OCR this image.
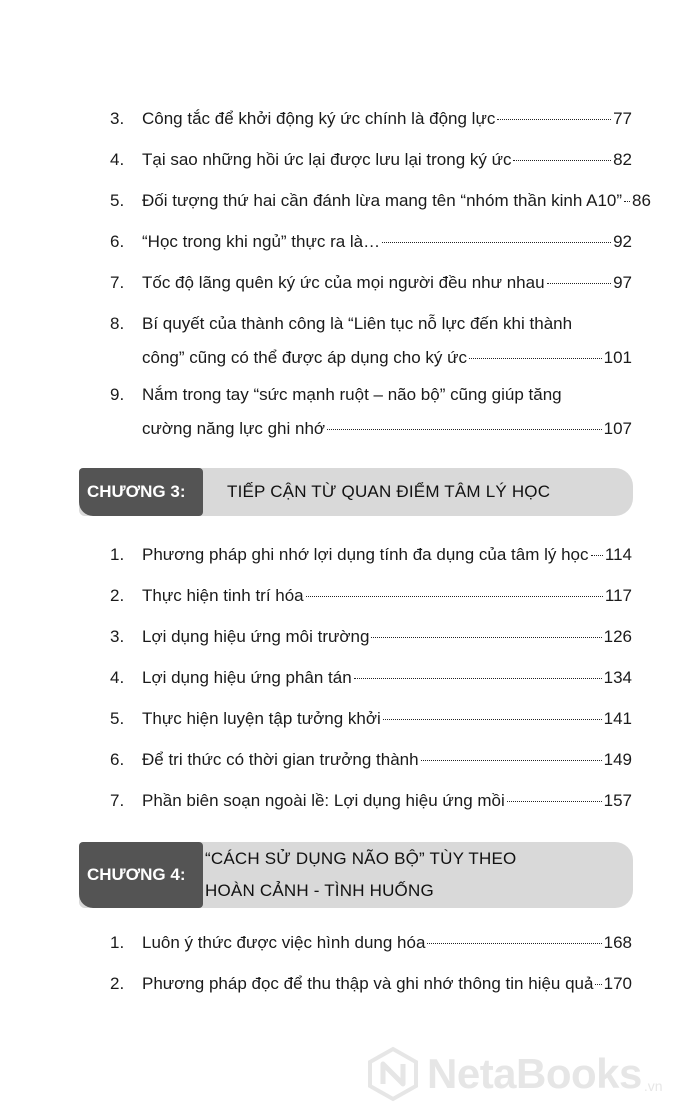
3.	Công tắc để khởi động ký ức chính là động lực	77
4.	Tại sao những hồi ức lại được lưu lại trong ký ức	82
5.	Đối tượng thứ hai cần đánh lừa mang tên “nhóm thần kinh A10” 86
6.	“Học trong khi ngủ” thực ra là…	92
7.	Tốc độ lãng quên ký ức của mọi người đều như nhau	97
8.	Bí quyết của thành công là “Liên tục nỗ lực đến khi thành
công” cũng có thể được áp dụng cho ký ức	101
9.	Nắm trong tay “sức mạnh ruột – não bộ” cũng giúp tăng
cường năng lực ghi nhớ	107
CHƯƠNG 3:	TIẾP CẬN TỪ QUAN ĐIỂM TÂM LÝ HỌC
1.	Phương pháp ghi nhớ lợi dụng tính đa dụng của tâm lý học 114
2.	Thực hiện tinh trí hóa	117
3.	Lợi dụng hiệu ứng môi trường	126
4.	Lợi dụng hiệu ứng phân tán	134
5.	Thực hiện luyện tập tưởng khởi	141
6.	Để tri thức có thời gian trưởng thành	149
7.	Phần biên soạn ngoài lề: Lợi dụng hiệu ứng mồi	157
CHƯƠNG 4:
“CÁCH SỬ DỤNG NÃO BỘ” TÙY THEO
HOÀN CẢNH - TÌNH HUỐNG
1.	Luôn ý thức được việc hình dung hóa	168
2.	Phương pháp đọc để thu thập và ghi nhớ thông tin hiệu quả 170
NetaBooks .vn
